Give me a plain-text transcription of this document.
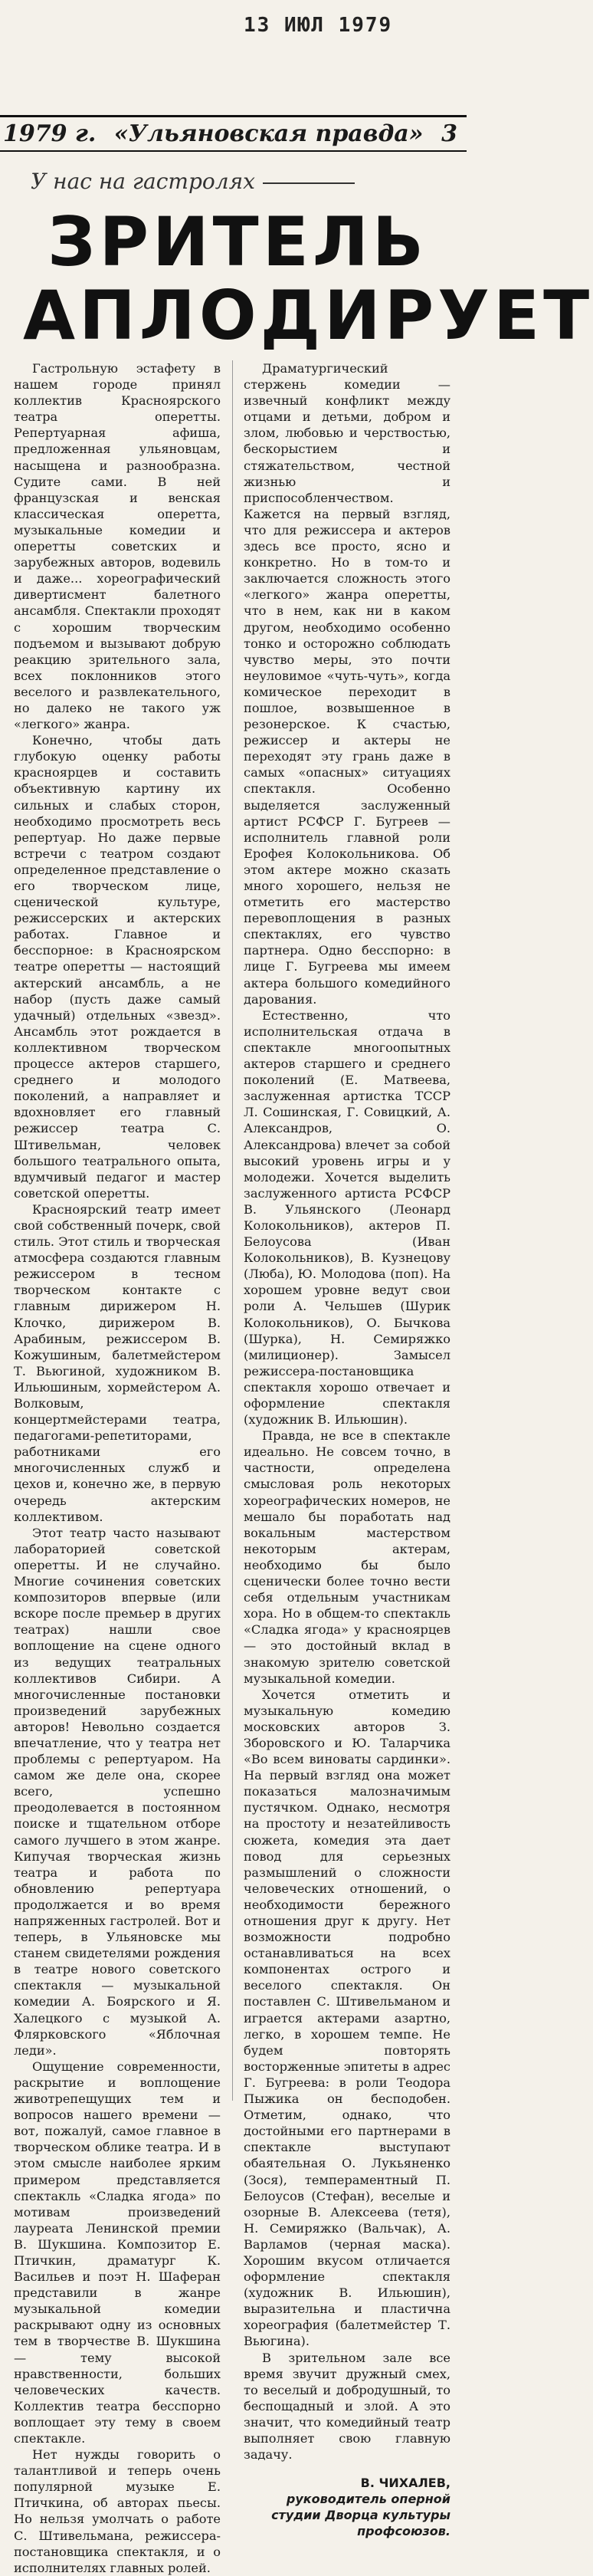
13 ИЮЛ 1979
1979 г. «Ульяновская правда» 3
У нас на гастролях
ЗРИТЕЛЬ
АПЛОДИРУЕТ

Гастрольную эстафету в нашем городе принял коллектив Красноярского театра оперетты. Репертуарная афиша, предложенная ульяновцам, насыщена и разнообразна. Судите сами. В ней французская и венская классическая оперетта, музыкальные комедии и оперетты советских и зарубежных авторов, водевиль и даже... хореографический дивертисмент балетного ансамбля. Спектакли проходят с хорошим творческим подъемом и вызывают добрую реакцию зрительного зала, всех поклонников этого веселого и развлекательного, но далеко не такого уж «легкого» жанра.

Конечно, чтобы дать глубокую оценку работы красноярцев и составить объективную картину их сильных и слабых сторон, необходимо просмотреть весь репертуар. Но даже первые встречи с театром создают определенное представление о его творческом лице, сценической культуре, режиссерских и актерских работах. Главное и бесспорное: в Красноярском театре оперетты — настоящий актерский ансамбль, а не набор (пусть даже самый удачный) отдельных «звезд». Ансамбль этот рождается в коллективном творческом процессе актеров старшего, среднего и молодого поколений, а направляет и вдохновляет его главный режиссер театра С. Штивельман, человек большого театрального опыта, вдумчивый педагог и мастер советской оперетты.

Красноярский театр имеет свой собственный почерк, свой стиль. Этот стиль и творческая атмосфера создаются главным режиссером в тесном творческом контакте с главным дирижером Н. Клочко, дирижером В. Арабиным, режиссером В. Кожушиным, балетмейстером Т. Вьюгиной, художником В. Ильюшиным, хормейстером А. Волковым, концертмейстерами театра, педагогами-репетиторами, работниками его многочисленных служб и цехов и, конечно же, в первую очередь актерским коллективом.

Этот театр часто называют лабораторией советской оперетты. И не случайно. Многие сочинения советских композиторов впервые (или вскоре после премьер в других театрах) нашли свое воплощение на сцене одного из ведущих театральных коллективов Сибири. А многочисленные постановки произведений зарубежных авторов! Невольно создается впечатление, что у театра нет проблемы с репертуаром. На самом же деле она, скорее всего, успешно преодолевается в постоянном поиске и тщательном отборе самого лучшего в этом жанре. Кипучая творческая жизнь театра и работа по обновлению репертуара продолжается и во время напряженных гастролей. Вот и теперь, в Ульяновске мы станем свидетелями рождения в театре нового советского спектакля — музыкальной комедии А. Боярского и Я. Халецкого с музыкой А. Флярковского «Яблочная леди».

Ощущение современности, раскрытие и воплощение животрепещущих тем и вопросов нашего времени — вот, пожалуй, самое главное в творческом облике театра. И в этом смысле наиболее ярким примером представляется спектакль «Сладка ягода» по мотивам произведений лауреата Ленинской премии В. Шукшина. Композитор Е. Птичкин, драматург К. Васильев и поэт Н. Шаферан представили в жанре музыкальной комедии раскрывают одну из основных тем в творчестве В. Шукшина — тему высокой нравственности, больших человеческих качеств. Коллектив театра бесспорно воплощает эту тему в своем спектакле.

Нет нужды говорить о талантливой и теперь очень популярной музыке Е. Птичкина, об авторах пьесы. Но нельзя умолчать о работе С. Штивельмана, режиссера-постановщика спектакля, и о исполнителях главных ролей.

Драматургический стержень комедии — извечный конфликт между отцами и детьми, добром и злом, любовью и черствостью, бескорыстием и стяжательством, честной жизнью и приспособленчеством. Кажется на первый взгляд, что для режиссера и актеров здесь все просто, ясно и конкретно. Но в том-то и заключается сложность этого «легкого» жанра оперетты, что в нем, как ни в каком другом, необходимо особенно тонко и осторожно соблюдать чувство меры, это почти неуловимое «чуть-чуть», когда комическое переходит в пошлое, возвышенное в резонерское. К счастью, режиссер и актеры не переходят эту грань даже в самых «опасных» ситуациях спектакля. Особенно выделяется заслуженный артист РСФСР Г. Бугреев — исполнитель главной роли Ерофея Колокольникова. Об этом актере можно сказать много хорошего, нельзя не отметить его мастерство перевоплощения в разных спектаклях, его чувство партнера. Одно бесспорно: в лице Г. Бугреева мы имеем актера большого комедийного дарования.

Естественно, что исполнительская отдача в спектакле многоопытных актеров старшего и среднего поколений (Е. Матвеева, заслуженная артистка ТССР Л. Сошинская, Г. Совицкий, А. Александров, О. Александрова) влечет за собой высокий уровень игры и у молодежи. Хочется выделить заслуженного артиста РСФСР В. Ульянского (Леонард Колокольников), актеров П. Белоусова (Иван Колокольников), В. Кузнецову (Люба), Ю. Молодова (поп). На хорошем уровне ведут свои роли А. Чельшев (Шурик Колокольников), О. Бычкова (Шурка), Н. Семиряжко (милиционер). Замысел режиссера-постановщика спектакля хорошо отвечает и оформление спектакля (художник В. Ильюшин).

Правда, не все в спектакле идеально. Не совсем точно, в частности, определена смысловая роль некоторых хореографических номеров, не мешало бы поработать над вокальным мастерством некоторым актерам, необходимо бы было сценически более точно вести себя отдельным участникам хора. Но в общем-то спектакль «Сладка ягода» у красноярцев — это достойный вклад в знакомую зрителю советской музыкальной комедии.

Хочется отметить и музыкальную комедию московских авторов З. Зборовского и Ю. Таларчика «Во всем виноваты сардинки». На первый взгляд она может показаться малозначимым пустячком. Однако, несмотря на простоту и незатейливость сюжета, комедия эта дает повод для серьезных размышлений о сложности человеческих отношений, о необходимости бережного отношения друг к другу. Нет возможности подробно останавливаться на всех компонентах острого и веселого спектакля. Он поставлен С. Штивельманом и играется актерами азартно, легко, в хорошем темпе. Не будем повторять восторженные эпитеты в адрес Г. Бугреева: в роли Теодора Пыжика он бесподобен. Отметим, однако, что достойными его партнерами в спектакле выступают обаятельная О. Лукьяненко (Зося), темпераментный П. Белоусов (Стефан), веселые и озорные В. Алексеева (тетя), Н. Семиряжко (Вальчак), А. Варламов (черная маска). Хорошим вкусом отличается оформление спектакля (художник В. Ильюшин), выразительна и пластична хореография (балетмейстер Т. Вьюгина).

В зрительном зале все время звучит дружный смех, то веселый и добродушный, то беспощадный и злой. А это значит, что комедийный театр выполняет свою главную задачу.

В. ЧИХАЛЕВ,
руководитель оперной студии Дворца культуры профсоюзов.
